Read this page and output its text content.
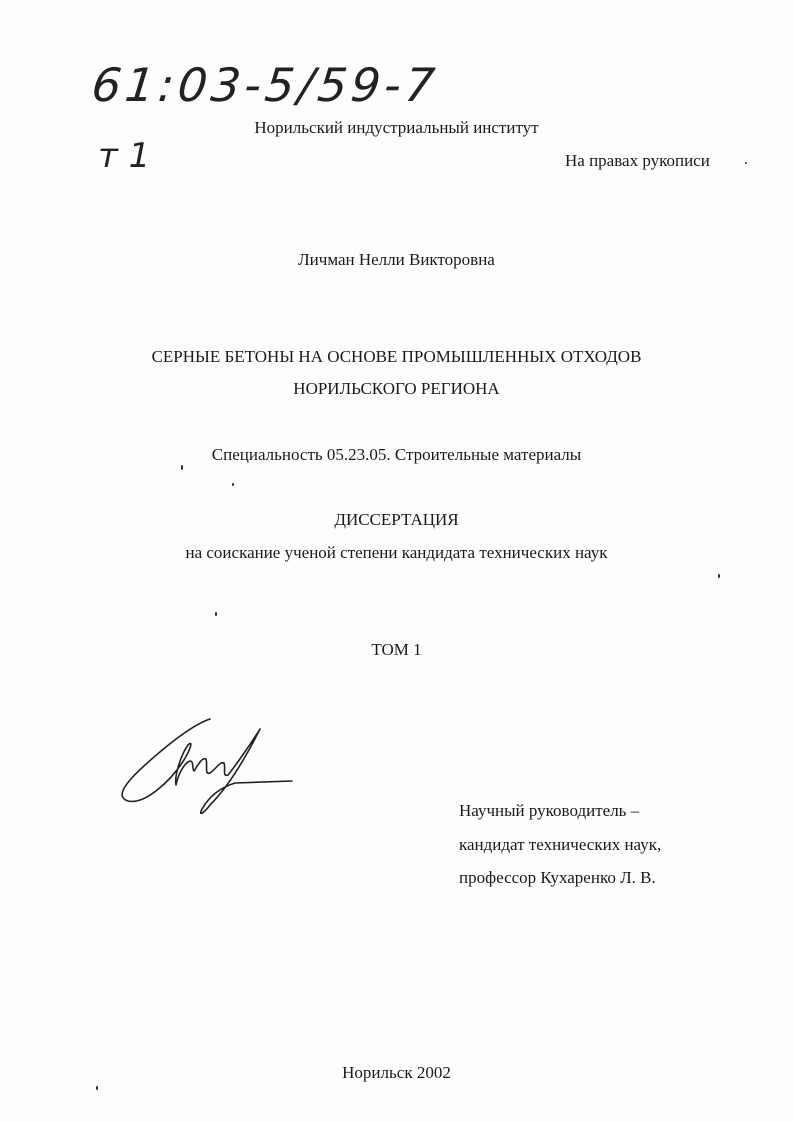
61:03-5/59-7
т 1
Норильский индустриальный институт
На правах рукописи
Личман Нелли Викторовна
СЕРНЫЕ БЕТОНЫ НА ОСНОВЕ ПРОМЫШЛЕННЫХ ОТХОДОВ
НОРИЛЬСКОГО РЕГИОНА
Специальность 05.23.05. Строительные материалы
ДИССЕРТАЦИЯ
на соискание ученой степени кандидата технических наук
ТОМ 1
Научный руководитель –
кандидат технических наук,
профессор Кухаренко Л. В.
Норильск 2002
